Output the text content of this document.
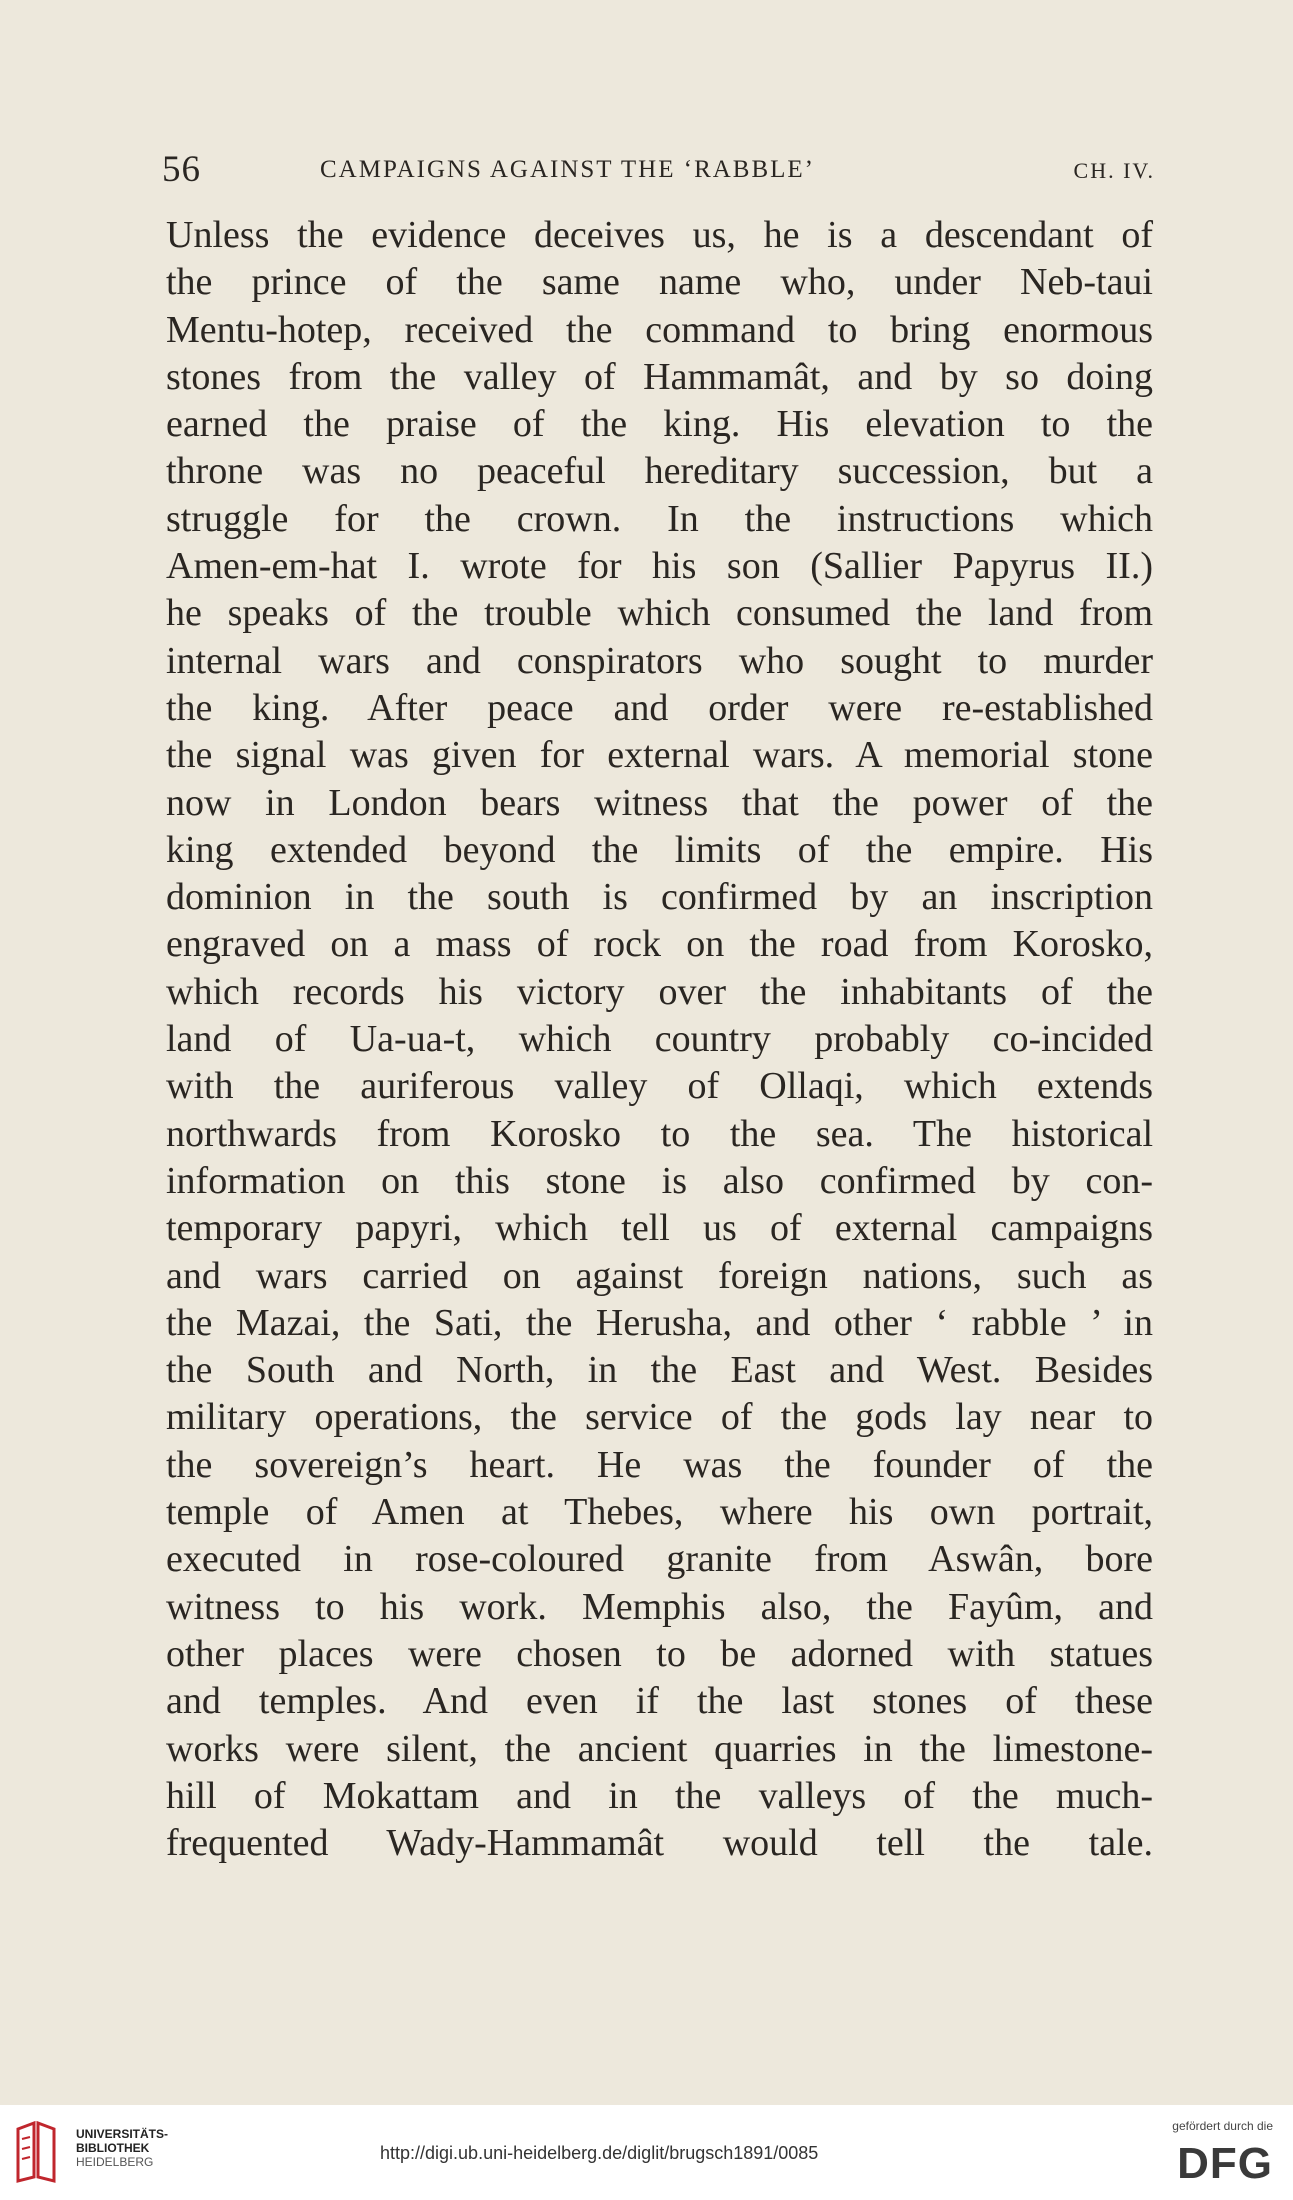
56	CAMPAIGNS AGAINST THE ‘RABBLE’	CH. IV.
Unless the evidence deceives us, he is a descendant of
the prince of the same name who, under Neb-taui
Mentu-hotep, received the command to bring enormous
stones from the valley of Hammamât, and by so doing
earned the praise of the king. His elevation to the
throne was no peaceful hereditary succession, but a
struggle for the crown. In the instructions which
Amen-em-hat I. wrote for his son (Sallier Papyrus II.)
he speaks of the trouble which consumed the land from
internal wars and conspirators who sought to murder
the king. After peace and order were re-established
the signal was given for external wars. A memorial stone
now in London bears witness that the power of the
king extended beyond the limits of the empire. His
dominion in the south is confirmed by an inscription
engraved on a mass of rock on the road from Korosko,
which records his victory over the inhabitants of the
land of Ua-ua-t, which country probably co-incided
with the auriferous valley of Ollaqi, which extends
northwards from Korosko to the sea. The historical
information on this stone is also confirmed by con-
temporary papyri, which tell us of external campaigns
and wars carried on against foreign nations, such as
the Mazai, the Sati, the Herusha, and other ‘ rabble ’ in
the South and North, in the East and West. Besides
military operations, the service of the gods lay near to
the sovereign’s heart. He was the founder of the
temple of Amen at Thebes, where his own portrait,
executed in rose-coloured granite from Aswân, bore
witness to his work. Memphis also, the Fayûm, and
other places were chosen to be adorned with statues
and temples. And even if the last stones of these
works were silent, the ancient quarries in the limestone-
hill of Mokattam and in the valleys of the much-
frequented Wady-Hammamât would tell the tale.
UNIVERSITÄTS-
BIBLIOTHEK
HEIDELBERG	http://digi.ub.uni-heidelberg.de/diglit/brugsch1891/0085
gefördert durch die
DFG
